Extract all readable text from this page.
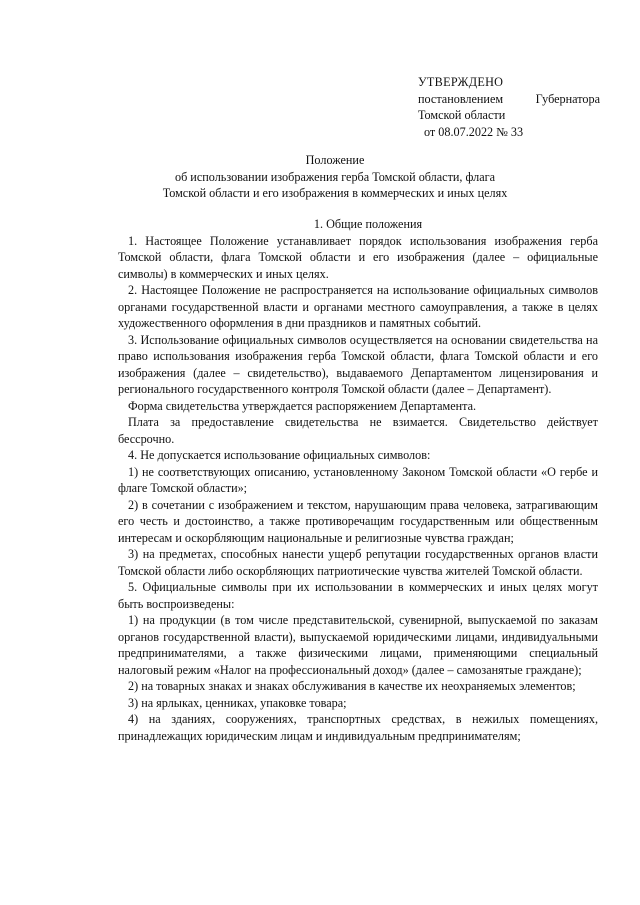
УТВЕРЖДЕНО
постановлением	Губернатора
Томской области
от 08.07.2022 № 33
Положение
об использовании изображения герба Томской области, флага
Томской области и его изображения в коммерческих и иных целях
1. Общие положения

1. Настоящее Положение устанавливает порядок использования изображения герба Томской области, флага Томской области и его изображения (далее – официальные символы) в коммерческих и иных целях.

2. Настоящее Положение не распространяется на использование официальных символов органами государственной власти и органами местного самоуправления, а также в целях художественного оформления в дни праздников и памятных событий.

3. Использование официальных символов осуществляется на основании свидетельства на право использования изображения герба Томской области, флага Томской области и его изображения (далее – свидетельство), выдаваемого Департаментом лицензирования и регионального государственного контроля Томской области (далее – Департамент).

Форма свидетельства утверждается распоряжением Департамента.

Плата за предоставление свидетельства не взимается. Свидетельство действует бессрочно.

4. Не допускается использование официальных символов:

1) не соответствующих описанию, установленному Законом Томской области «О гербе и флаге Томской области»;

2) в сочетании с изображением и текстом, нарушающим права человека, затрагивающим его честь и достоинство, а также противоречащим государственным или общественным интересам и оскорбляющим национальные и религиозные чувства граждан;

3) на предметах, способных нанести ущерб репутации государственных органов власти Томской области либо оскорбляющих патриотические чувства жителей Томской области.

5. Официальные символы при их использовании в коммерческих и иных целях могут быть воспроизведены:

1) на продукции (в том числе представительской, сувенирной, выпускаемой по заказам органов государственной власти), выпускаемой юридическими лицами, индивидуальными предпринимателями, а также физическими лицами, применяющими специальный налоговый режим «Налог на профессиональный доход» (далее – самозанятые граждане);

2) на товарных знаках и знаках обслуживания в качестве их неохраняемых элементов;

3) на ярлыках, ценниках, упаковке товара;

4) на зданиях, сооружениях, транспортных средствах, в нежилых помещениях, принадлежащих юридическим лицам и индивидуальным предпринимателям;
